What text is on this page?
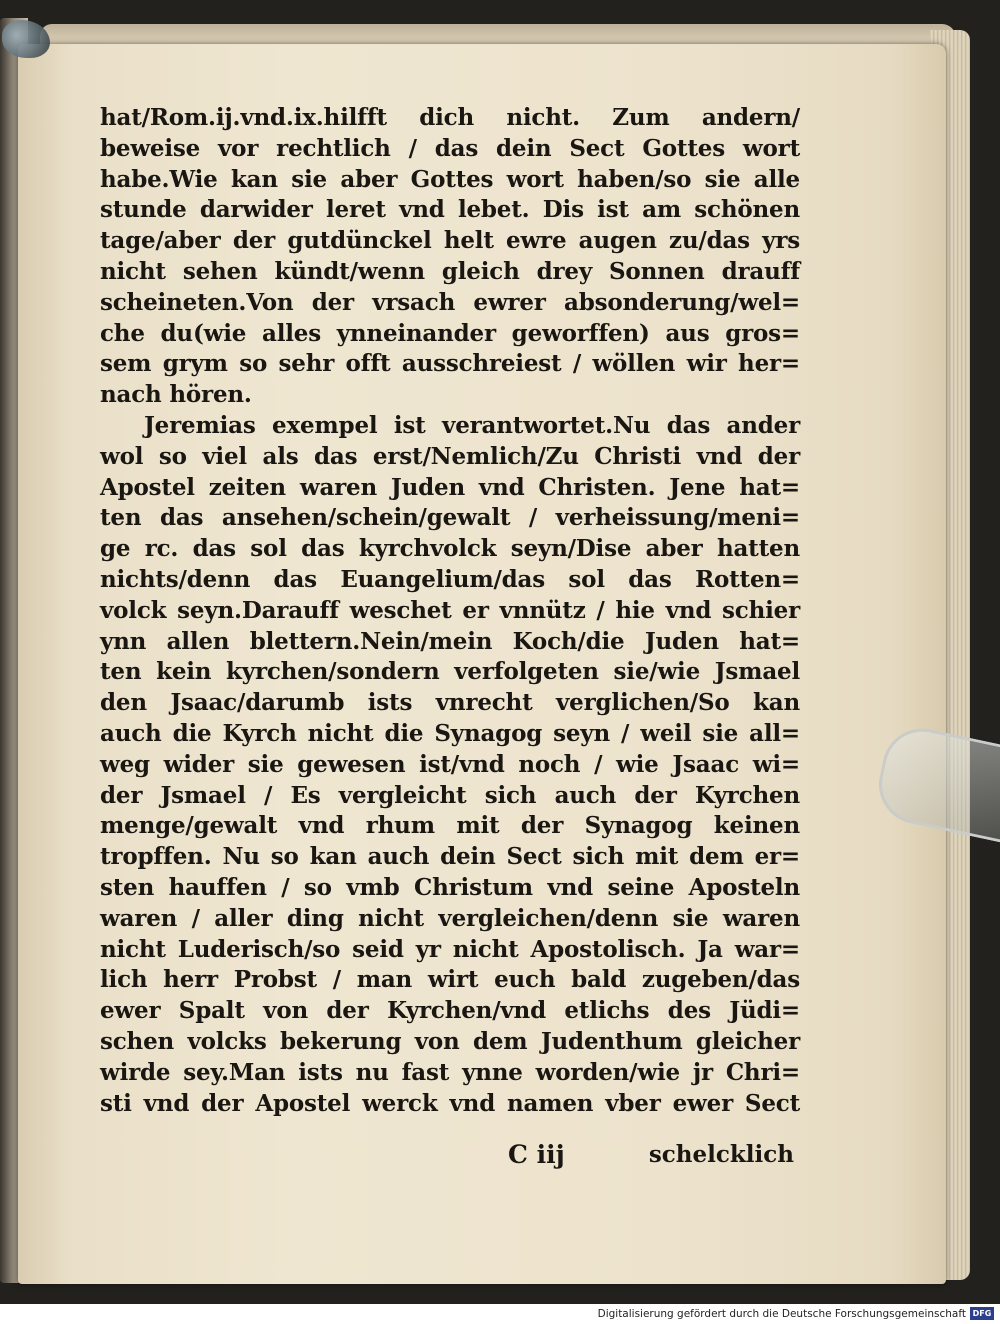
hat/Rom.ij.vnd.ix.hilfft dich nicht. Zum andern/
beweise vor rechtlich / das dein Sect Gottes wort
habe.Wie kan sie aber Gottes wort haben/so sie alle
stunde darwider leret vnd lebet. Dis ist am schönen
tage/aber der gutdünckel helt ewre augen zu/das yrs
nicht sehen kündt/wenn gleich drey Sonnen drauff
scheineten.Von der vrsach ewrer absonderung/wel=
che du(wie alles ynneinander geworffen) aus gros=
sem grym so sehr offt ausschreiest / wöllen wir her=
nach hören.
Jeremias exempel ist verantwortet.Nu das ander
wol so viel als das erst/Nemlich/Zu Christi vnd der
Apostel zeiten waren Juden vnd Christen. Jene hat=
ten das ansehen/schein/gewalt / verheissung/meni=
ge rc. das sol das kyrchvolck seyn/Dise aber hatten
nichts/denn das Euangelium/das sol das Rotten=
volck seyn.Darauff weschet er vnnütz / hie vnd schier
ynn allen blettern.Nein/mein Koch/die Juden hat=
ten kein kyrchen/sondern verfolgeten sie/wie Jsmael
den Jsaac/darumb ists vnrecht verglichen/So kan
auch die Kyrch nicht die Synagog seyn / weil sie all=
weg wider sie gewesen ist/vnd noch / wie Jsaac wi=
der Jsmael / Es vergleicht sich auch der Kyrchen
menge/gewalt vnd rhum mit der Synagog keinen
tropffen. Nu so kan auch dein Sect sich mit dem er=
sten hauffen / so vmb Christum vnd seine Aposteln
waren / aller ding nicht vergleichen/denn sie waren
nicht Luderisch/so seid yr nicht Apostolisch. Ja war=
lich herr Probst / man wirt euch bald zugeben/das
ewer Spalt von der Kyrchen/vnd etlichs des Jüdi=
schen volcks bekerung von dem Judenthum gleicher
wirde sey.Man ists nu fast ynne worden/wie jr Chri=
sti vnd der Apostel werck vnd namen vber ewer Sect
C iij	schelcklich
Digitalisierung gefördert durch die Deutsche Forschungsgemeinschaft DFG
